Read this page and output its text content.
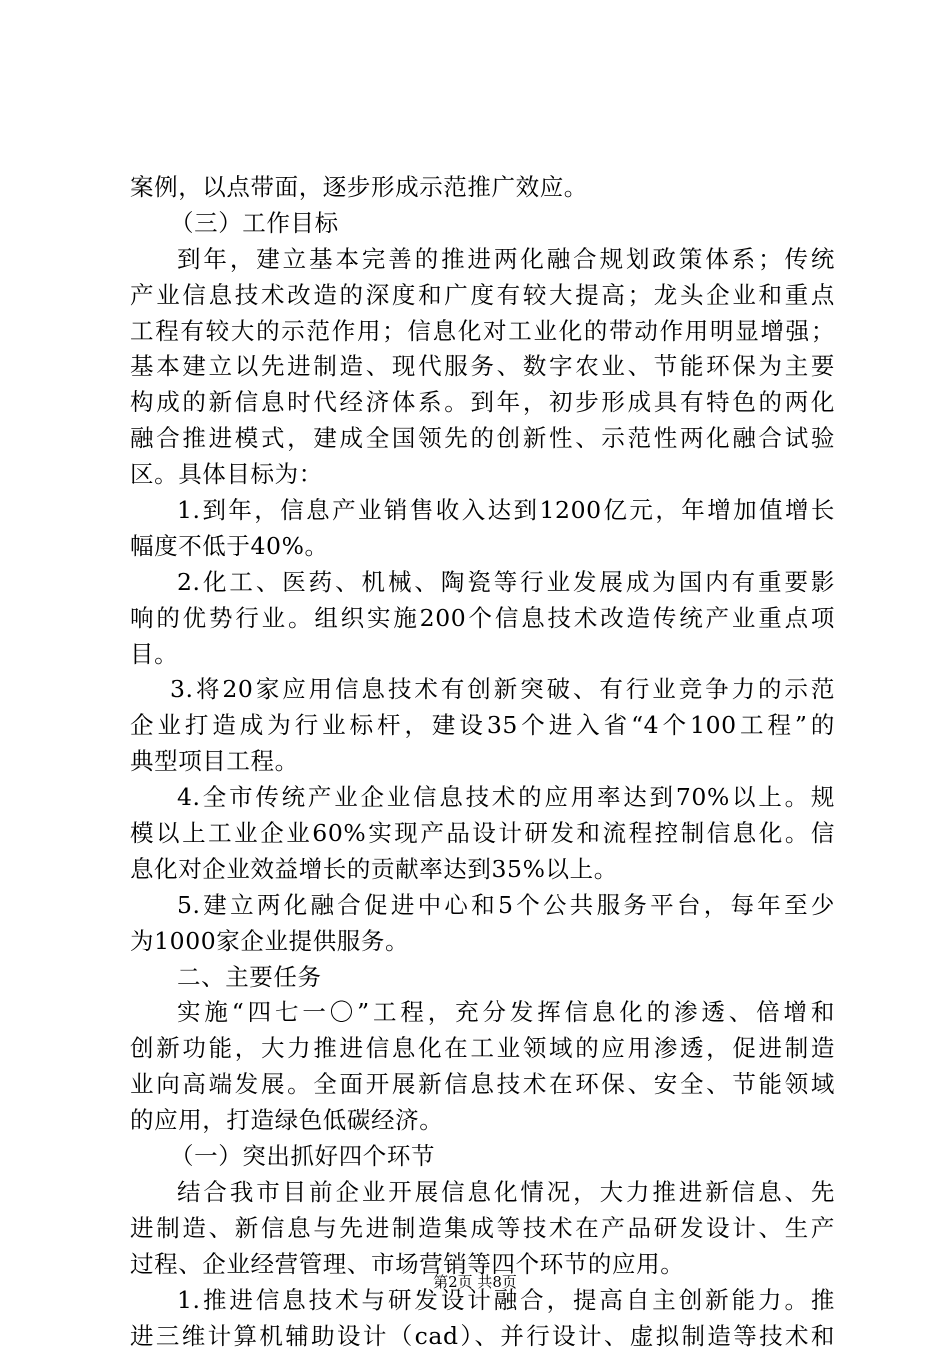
案例，以点带面，逐步形成示范推广效应。
（三）工作目标
到年，建立基本完善的推进两化融合规划政策体系；传统
产业信息技术改造的深度和广度有较大提高；龙头企业和重点
工程有较大的示范作用；信息化对工业化的带动作用明显增强；
基本建立以先进制造、现代服务、数字农业、节能环保为主要
构成的新信息时代经济体系。到年，初步形成具有特色的两化
融合推进模式，建成全国领先的创新性、示范性两化融合试验
区。具体目标为：
1.到年，信息产业销售收入达到1200亿元，年增加值增长
幅度不低于40%。
2.化工、医药、机械、陶瓷等行业发展成为国内有重要影
响的优势行业。组织实施200个信息技术改造传统产业重点项
目。
3.将20家应用信息技术有创新突破、有行业竞争力的示范
企业打造成为行业标杆，建设35个进入省“4个100工程”的
典型项目工程。
4.全市传统产业企业信息技术的应用率达到70%以上。规
模以上工业企业60%实现产品设计研发和流程控制信息化。信
息化对企业效益增长的贡献率达到35%以上。
5.建立两化融合促进中心和5个公共服务平台，每年至少
为1000家企业提供服务。
二、主要任务
实施“四七一〇”工程，充分发挥信息化的渗透、倍增和
创新功能，大力推进信息化在工业领域的应用渗透，促进制造
业向高端发展。全面开展新信息技术在环保、安全、节能领域
的应用，打造绿色低碳经济。
（一）突出抓好四个环节
结合我市目前企业开展信息化情况，大力推进新信息、先
进制造、新信息与先进制造集成等技术在产品研发设计、生产
过程、企业经营管理、市场营销等四个环节的应用。
1.推进信息技术与研发设计融合，提高自主创新能力。推
进三维计算机辅助设计（cad）、并行设计、虚拟制造等技术和
第2页 共8页
